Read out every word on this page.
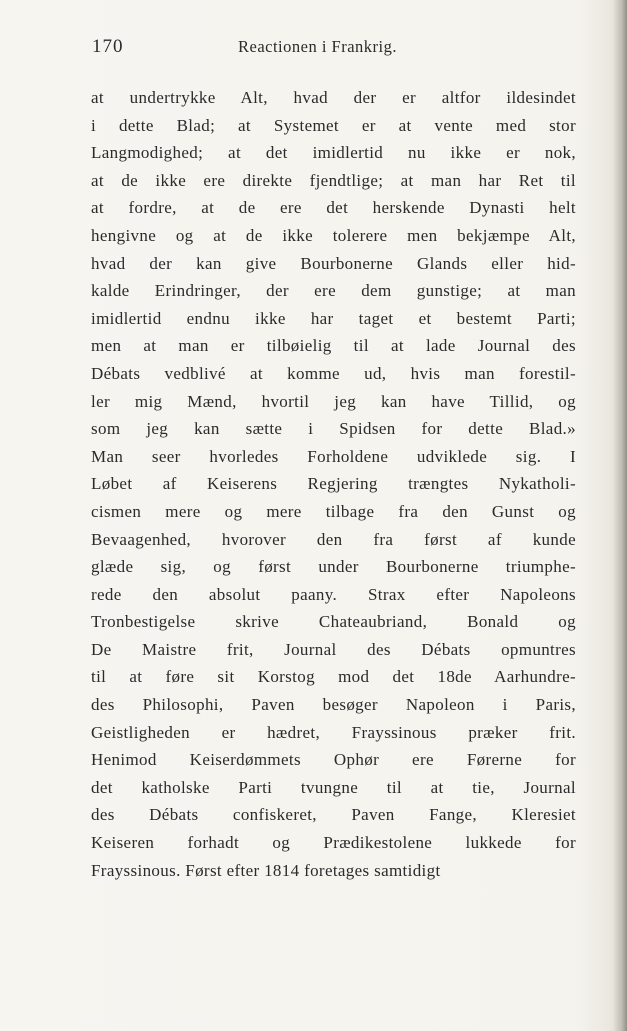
170	Reactionen i Frankrig.
at undertrykke Alt, hvad der er altfor ildesindet
i dette Blad; at Systemet er at vente med stor
Langmodighed; at det imidlertid nu ikke er nok,
at de ikke ere direkte fjendtlige; at man har Ret til
at fordre, at de ere det herskende Dynasti helt
hengivne og at de ikke tolerere men bekjæmpe Alt,
hvad der kan give Bourbonerne Glands eller hid-
kalde Erindringer, der ere dem gunstige; at man
imidlertid endnu ikke har taget et bestemt Parti;
men at man er tilbøielig til at lade Journal des
Débats vedblivé at komme ud, hvis man forestil-
ler mig Mænd, hvortil jeg kan have Tillid, og
som jeg kan sætte i Spidsen for dette Blad.»
Man seer hvorledes Forholdene udviklede sig. I
Løbet af Keiserens Regjering trængtes Nykatholi-
cismen mere og mere tilbage fra den Gunst og
Bevaagenhed, hvorover den fra først af kunde
glæde sig, og først under Bourbonerne triumphe-
rede den absolut paany. Strax efter Napoleons
Tronbestigelse skrive Chateaubriand, Bonald og
De Maistre frit, Journal des Débats opmuntres
til at føre sit Korstog mod det 18de Aarhundre-
des Philosophi, Paven besøger Napoleon i Paris,
Geistligheden er hædret, Frayssinous præker frit.
Henimod Keiserdømmets Ophør ere Førerne for
det katholske Parti tvungne til at tie, Journal
des Débats confiskeret, Paven Fange, Kleresiet
Keiseren forhadt og Prædikestolene lukkede for
Frayssinous. Først efter 1814 foretages samtidigt
